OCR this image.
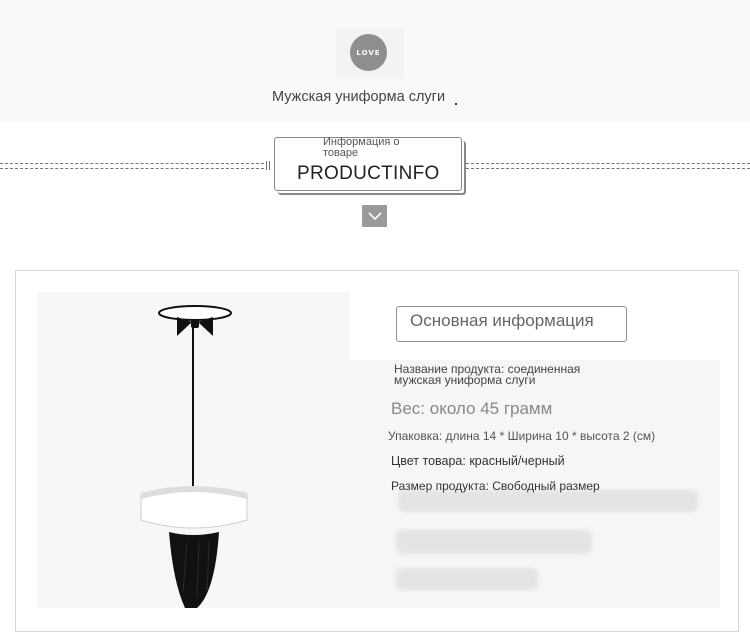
LOVE
Мужская униформа слуги
Информация о товаре
PRODUCTINFO
Основная информация
Название продукта: соединенная
мужская униформа слуги
Вес: около 45 грамм
Упаковка: длина 14 * Ширина 10 * высота 2 (см)
Цвет товара: красный/черный
Размер продукта: Свободный размер
